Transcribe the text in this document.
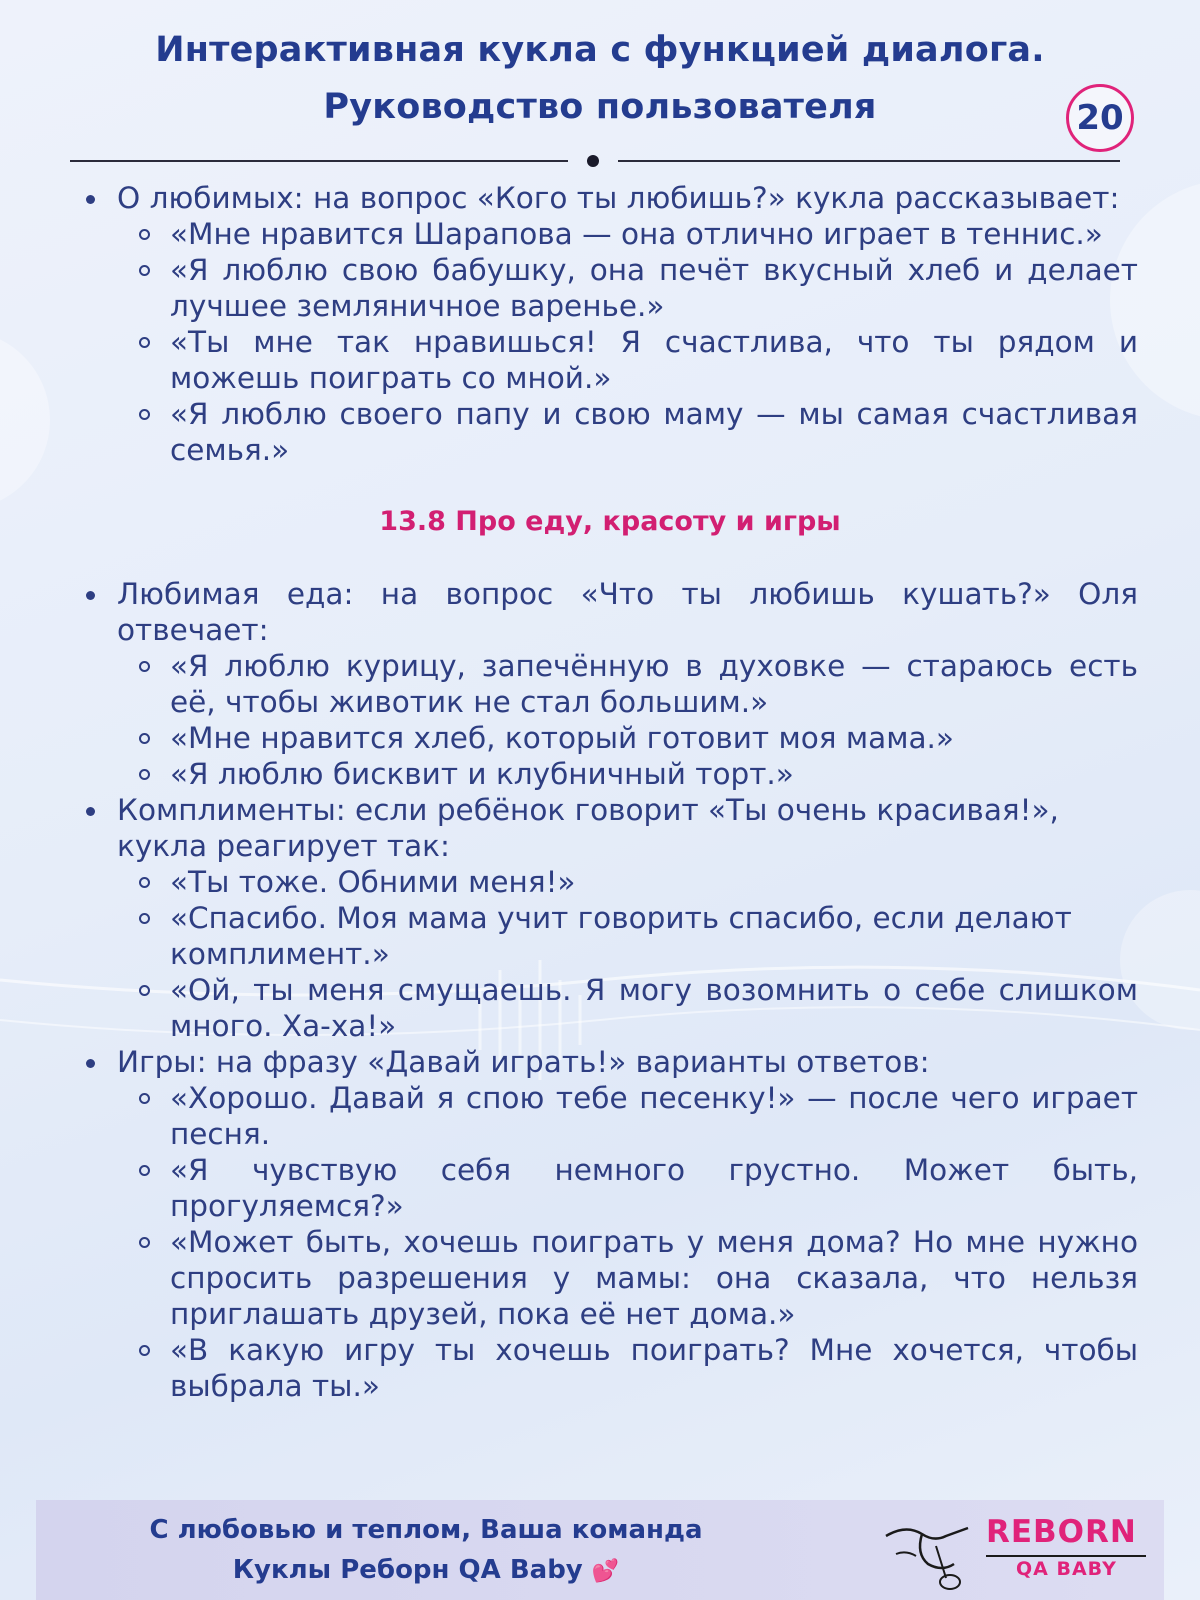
Интерактивная кукла с функцией диалога.
Руководство пользователя	20
О любимых: на вопрос «Кого ты любишь?» кукла рассказывает:
«Мне нравится Шарапова — она отлично играет в теннис.»
«Я люблю свою бабушку, она печёт вкусный хлеб и делает лучшее земляничное варенье.»
«Ты мне так нравишься! Я счастлива, что ты рядом и можешь поиграть со мной.»
«Я люблю своего папу и свою маму — мы самая счастливая семья.»
13.8 Про еду, красоту и игры
Любимая еда: на вопрос «Что ты любишь кушать?» Оля отвечает:
«Я люблю курицу, запечённую в духовке — стараюсь есть её, чтобы животик не стал большим.»
«Мне нравится хлеб, который готовит моя мама.»
«Я люблю бисквит и клубничный торт.»
Комплименты: если ребёнок говорит «Ты очень красивая!», кукла реагирует так:
«Ты тоже. Обними меня!»
«Спасибо. Моя мама учит говорить спасибо, если делают комплимент.»
«Ой, ты меня смущаешь. Я могу возомнить о себе слишком много. Ха-ха!»
Игры: на фразу «Давай играть!» варианты ответов:
«Хорошо. Давай я спою тебе песенку!» — после чего играет песня.
«Я чувствую себя немного грустно. Может быть, прогуляемся?»
«Может быть, хочешь поиграть у меня дома? Но мне нужно спросить разрешения у мамы: она сказала, что нельзя приглашать друзей, пока её нет дома.»
«В какую игру ты хочешь поиграть? Мне хочется, чтобы выбрала ты.»
С любовью и теплом, Ваша команда
Куклы Реборн QA Baby 💕
REBORN
QA BABY
